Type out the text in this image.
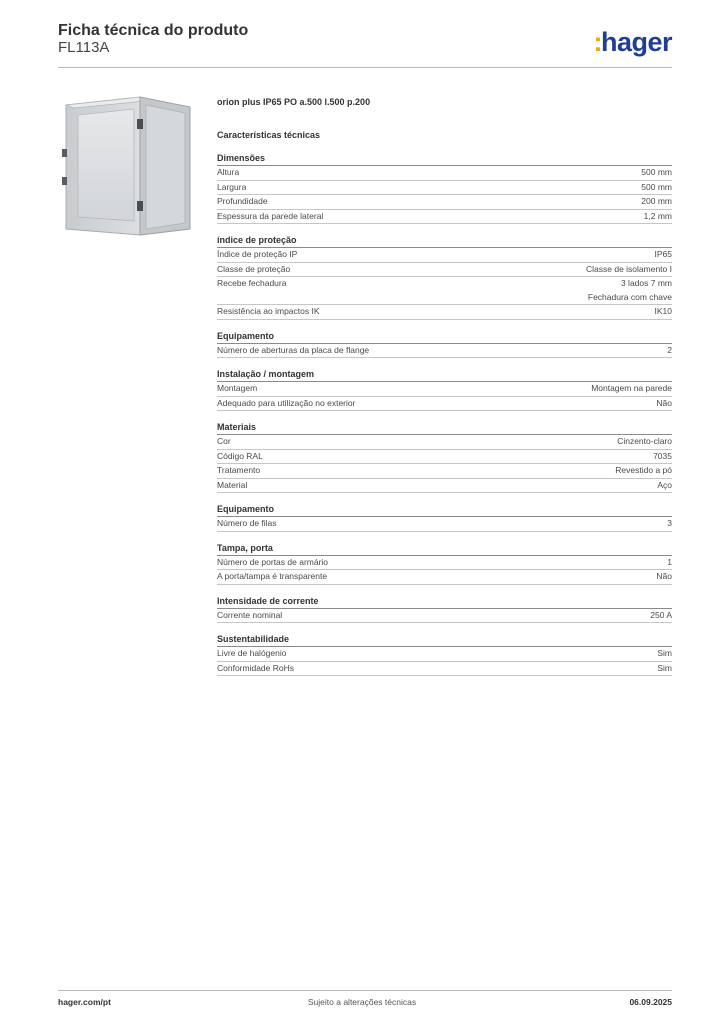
Ficha técnica do produto
FL113A	:hager
orion plus IP65 PO a.500 l.500 p.200
Características técnicas
Dimensões
Altura	500 mm
Largura	500 mm
Profundidade	200 mm
Espessura da parede lateral	1,2 mm
índice de proteção
Índice de proteção IP	IP65
Classe de proteção	Classe de isolamento I
Recebe fechadura	3 lados 7 mm
Fechadura com chave
Resistência ao impactos IK	IK10
Equipamento
Número de aberturas da placa de flange	2
Instalação / montagem
Montagem	Montagem na parede
Adequado para utilização no exterior	Não
Materiais
Cor	Cinzento-claro
Código RAL	7035
Tratamento	Revestido a pó
Material	Aço
Equipamento
Número de filas	3
Tampa, porta
Número de portas de armário	1
A porta/tampa é transparente	Não
Intensidade de corrente
Corrente nominal	250 A
Sustentabilidade
Livre de halógenio	Sim
Conformidade RoHs	Sim
hager.com/pt	Sujeito a alterações técnicas	06.09.2025
